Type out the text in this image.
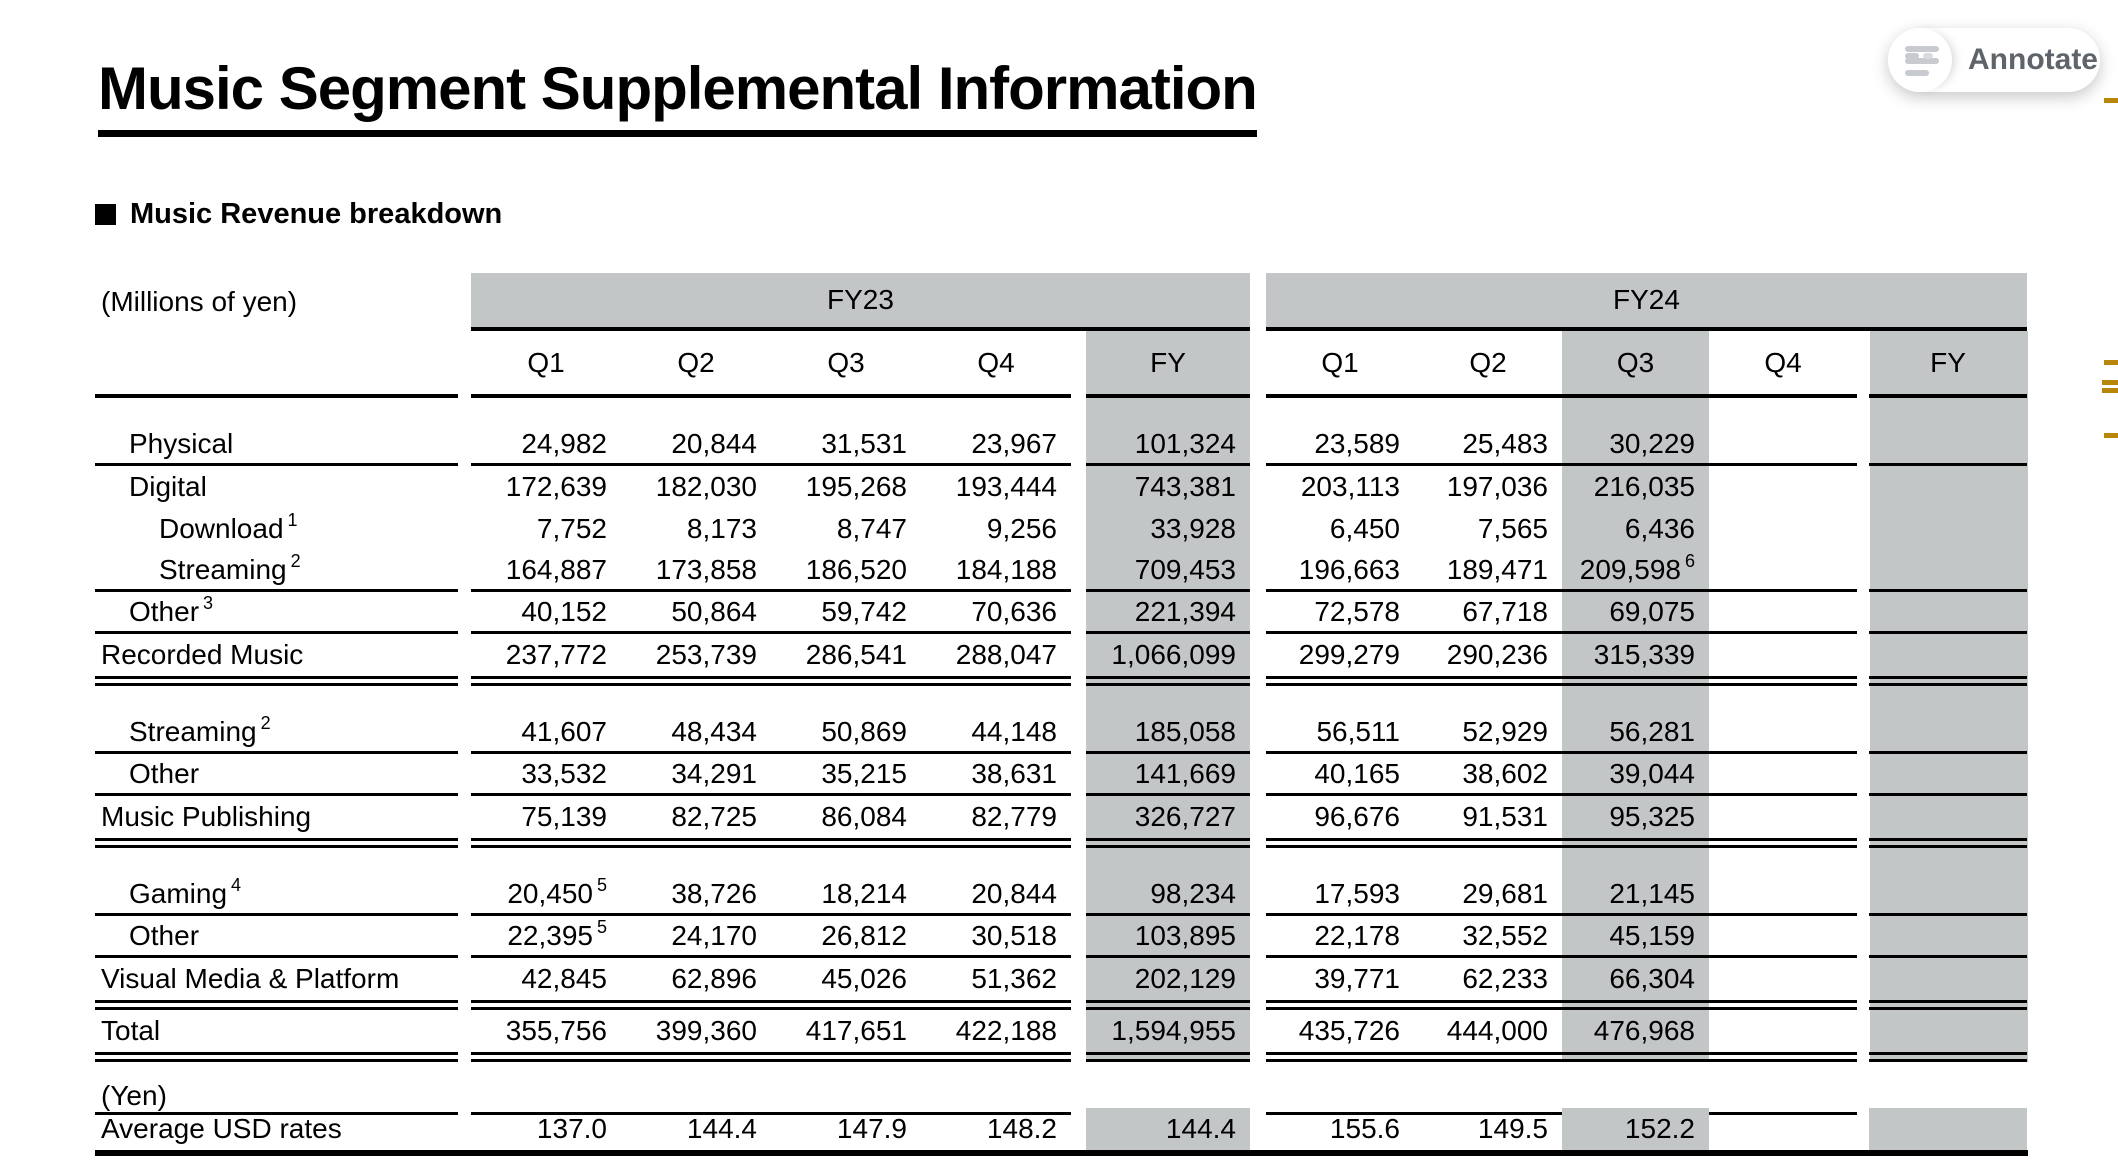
Music Segment Supplemental Information
Music Revenue breakdown
Annotate
(Millions of yen)	FY23	FY24
Q1	Q2	Q3	Q4	FY	Q1	Q2	Q3	Q4	FY
Physical	24,982 20,844 31,531 23,967	101,324	23,589 25,483 30,229
Digital	172,639 182,030 195,268 193,444	743,381 203,113 197,036 216,035
Download$^1$	7,752	8,173	8,747	9,256	33,928	6,450	7,565	6,436
Streaming$^2$	164,887 173,858 186,520 184,188	709,453 196,663 189,471 209,598$^6$
Other$^3$	40,152 50,864 59,742 70,636	221,394	72,578 67,718 69,075
Recorded Music	237,772 253,739 286,541 288,047 1,066,099 299,279 290,236 315,339
Streaming$^2$	41,607 48,434 50,869 44,148	185,058	56,511 52,929 56,281
Other	33,532 34,291 35,215 38,631	141,669	40,165 38,602 39,044
Music Publishing	75,139 82,725 86,084 82,779	326,727	96,676 91,531 95,325
Gaming$^4$	20,450$^5$ 38,726 18,214 20,844	98,234	17,593 29,681 21,145
Other	22,395$^5$ 24,170 26,812 30,518	103,895	22,178 32,552 45,159
Visual Media & Platform	42,845 62,896 45,026 51,362	202,129	39,771 62,233 66,304
Total	355,756 399,360 417,651 422,188 1,594,955 435,726 444,000 476,968
(Yen)
Average USD rates	137.0	144.4	147.9	148.2	144.4	155.6	149.5	152.2
